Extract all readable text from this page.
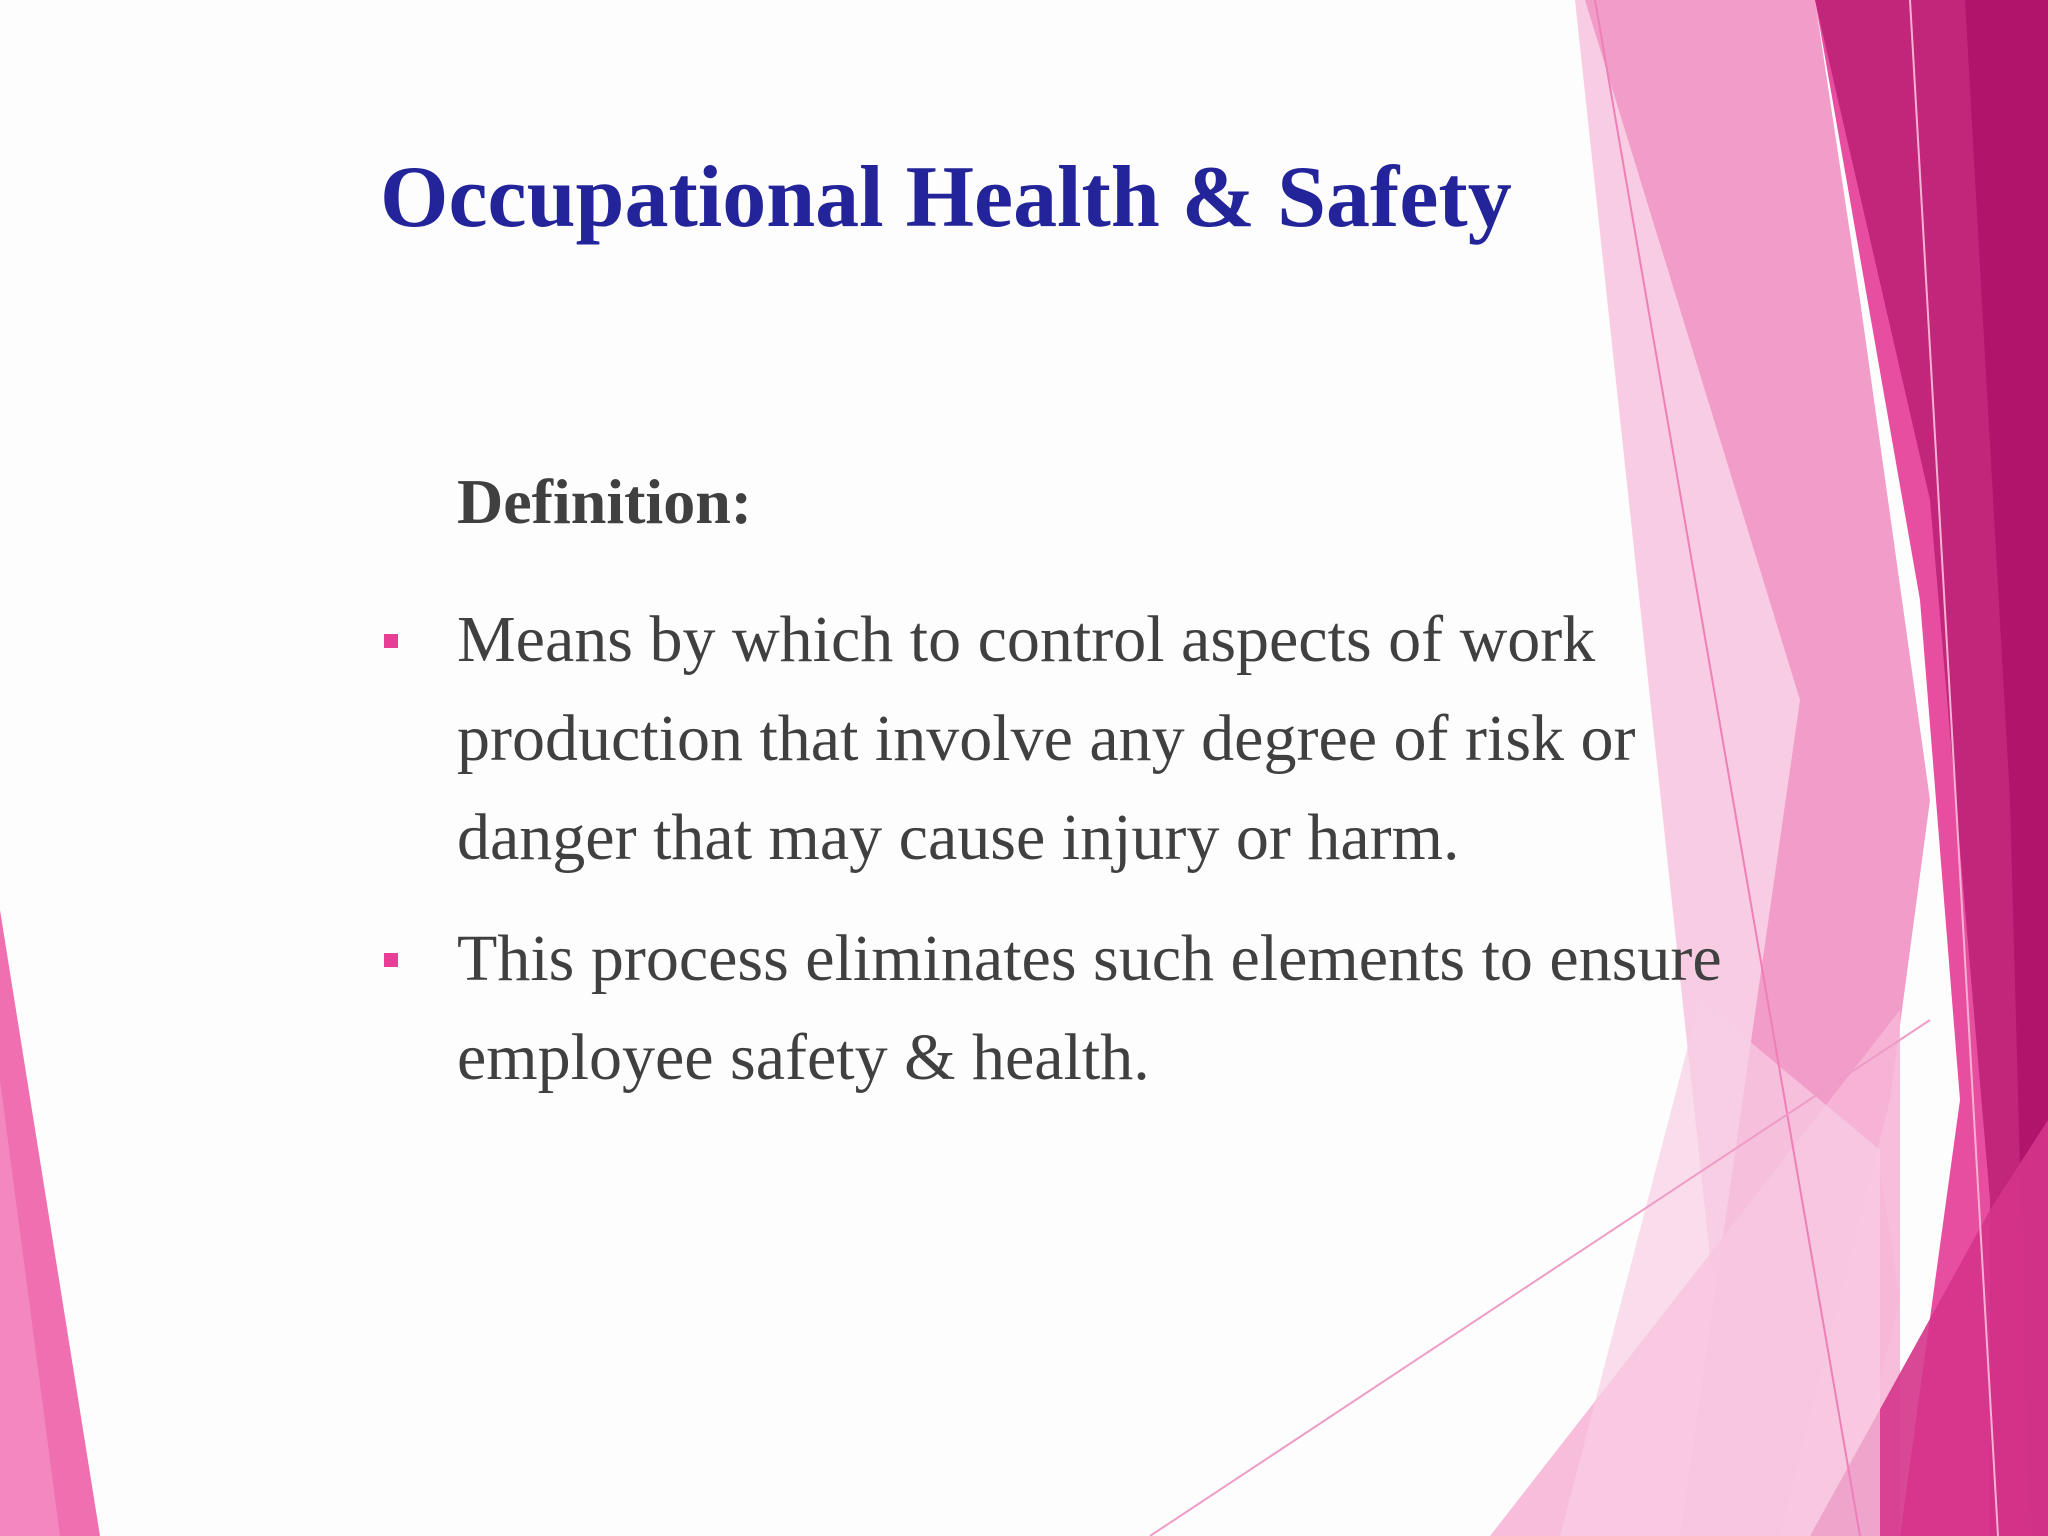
Occupational Health & Safety
Definition:
Means by which to control aspects of work production that involve any degree of risk or danger that may cause injury or harm.
This process eliminates such elements to ensure employee safety & health.
